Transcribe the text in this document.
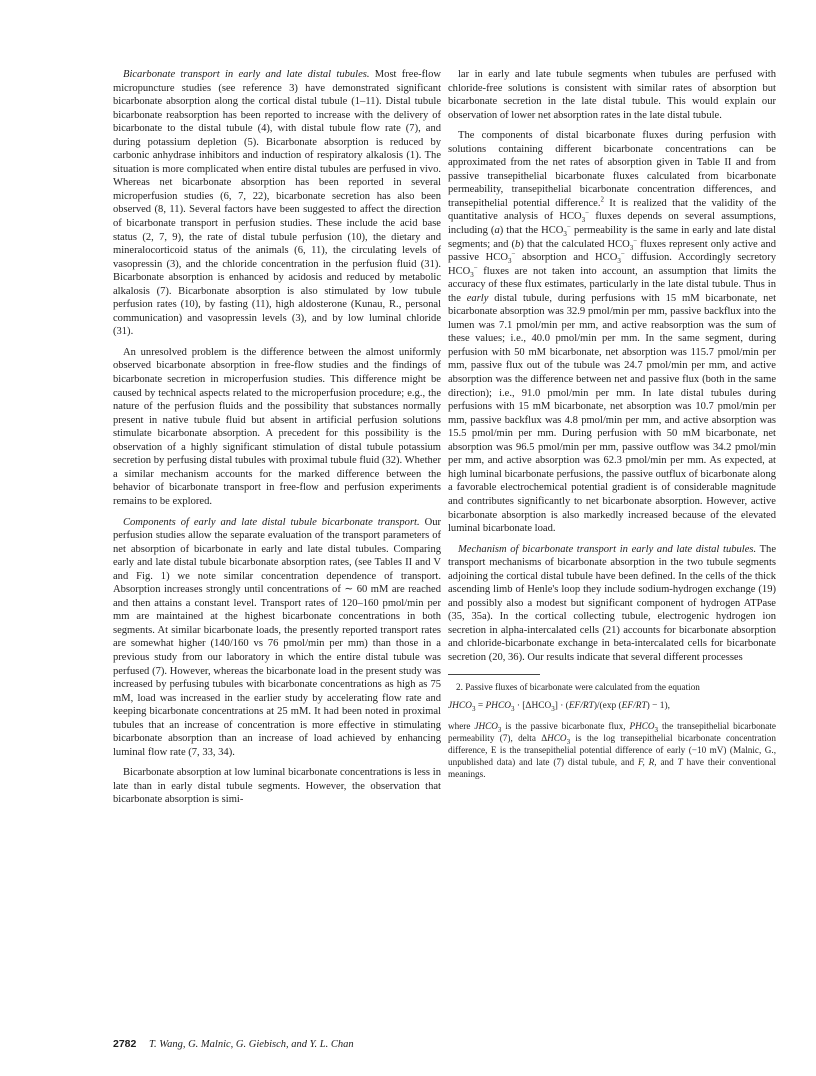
Bicarbonate transport in early and late distal tubules. Most free-flow micropuncture studies (see reference 3) have demonstrated significant bicarbonate absorption along the cortical distal tubule (1–11). Distal tubule bicarbonate reabsorption has been reported to increase with the delivery of bicarbonate to the distal tubule (4), with distal tubule flow rate (7), and during potassium depletion (5). Bicarbonate absorption is reduced by carbonic anhydrase inhibitors and induction of respiratory alkalosis (1). The situation is more complicated when entire distal tubules are perfused in vivo. Whereas net bicarbonate absorption has been reported in several microperfusion studies (6, 7, 22), bicarbonate secretion has also been observed (8, 11). Several factors have been suggested to affect the direction of bicarbonate transport in perfusion studies. These include the acid base status (2, 7, 9), the rate of distal tubule perfusion (10), the dietary and mineralocorticoid status of the animals (6, 11), the circulating levels of vasopressin (3), and the chloride concentration in the perfusion fluid (31). Bicarbonate absorption is enhanced by acidosis and reduced by metabolic alkalosis (7). Bicarbonate absorption is also stimulated by low tubule perfusion rates (10), by fasting (11), high aldosterone (Kunau, R., personal communication) and vasopressin levels (3), and by low luminal chloride (31).

An unresolved problem is the difference between the almost uniformly observed bicarbonate absorption in free-flow studies and the findings of bicarbonate secretion in microperfusion studies. This difference might be caused by technical aspects related to the microperfusion procedure; e.g., the nature of the perfusion fluids and the possibility that substances normally present in native tubule fluid but absent in artificial perfusion solutions stimulate bicarbonate absorption. A precedent for this possibility is the observation of a highly significant stimulation of distal tubule potassium secretion by perfusing distal tubules with proximal tubule fluid (32). Whether a similar mechanism accounts for the marked difference between the behavior of bicarbonate transport in free-flow and perfusion experiments remains to be explored.

Components of early and late distal tubule bicarbonate transport. Our perfusion studies allow the separate evaluation of the transport parameters of net absorption of bicarbonate in early and late distal tubules. Comparing early and late distal tubule bicarbonate absorption rates, (see Tables II and V and Fig. 1) we note similar concentration dependence of transport. Absorption increases strongly until concentrations of ∼ 60 mM are reached and then attains a constant level. Transport rates of 120–160 pmol/min per mm are maintained at the highest bicarbonate concentrations in both segments. At similar bicarbonate loads, the presently reported transport rates are somewhat higher (140/160 vs 76 pmol/min per mm) than those in a previous study from our laboratory in which the entire distal tubule was perfused (7). However, whereas the bicarbonate load in the present study was increased by perfusing tubules with bicarbonate concentrations as high as 75 mM, load was increased in the earlier study by accelerating flow rate and keeping bicarbonate concentrations at 25 mM. It had been noted in proximal tubules that an increase of concentration is more effective in stimulating bicarbonate absorption than an increase of load achieved by enhancing luminal flow rate (7, 33, 34).

Bicarbonate absorption at low luminal bicarbonate concentrations is less in late than in early distal tubule segments. However, the observation that bicarbonate absorption is simi-

lar in early and late tubule segments when tubules are perfused with chloride-free solutions is consistent with similar rates of absorption but bicarbonate secretion in the late distal tubule. This would explain our observation of lower net absorption rates in the late distal tubule.

The components of distal bicarbonate fluxes during perfusion with solutions containing different bicarbonate concentrations can be approximated from the net rates of absorption given in Table II and from passive transepithelial bicarbonate fluxes calculated from bicarbonate permeability, transepithelial bicarbonate concentration differences, and transepithelial potential difference.$^2$ It is realized that the validity of the quantitative analysis of $HCO_3^-$ fluxes depends on several assumptions, including (a) that the $HCO_3^-$ permeability is the same in early and late distal segments; and (b) that the calculated $HCO_3^-$ fluxes represent only active and passive $HCO_3^-$ absorption and $HCO_3^-$ diffusion. Accordingly secretory $HCO_3^-$ fluxes are not taken into account, an assumption that limits the accuracy of these flux estimates, particularly in the late distal tubule. Thus in the early distal tubule, during perfusions with 15 mM bicarbonate, net bicarbonate absorption was 32.9 pmol/min per mm, passive backflux into the lumen was 7.1 pmol/min per mm, and active reabsorption was the sum of these values; i.e., 40.0 pmol/min per mm. In the same segment, during perfusion with 50 mM bicarbonate, net absorption was 115.7 pmol/min per mm, passive flux out of the tubule was 24.7 pmol/min per mm, and active absorption was the difference between net and passive flux (both in the same direction); i.e., 91.0 pmol/min per mm. In late distal tubules during perfusions with 15 mM bicarbonate, net absorption was 10.7 pmol/min per mm, passive backflux was 4.8 pmol/min per mm, and active absorption was 15.5 pmol/min per mm. During perfusion with 50 mM bicarbonate, net absorption was 96.5 pmol/min per mm, passive outflow was 34.2 pmol/min per mm, and active absorption was 62.3 pmol/min per mm. As expected, at high luminal bicarbonate perfusions, the passive outflux of bicarbonate along a favorable electrochemical potential gradient is of considerable magnitude and contributes significantly to net bicarbonate absorption. However, active bicarbonate absorption is also markedly increased because of the elevated luminal bicarbonate load.

Mechanism of bicarbonate transport in early and late distal tubules. The transport mechanisms of bicarbonate absorption in the two tubule segments adjoining the cortical distal tubule have been defined. In the cells of the thick ascending limb of Henle's loop they include sodium-hydrogen exchange (19) and possibly also a modest but significant component of hydrogen ATPase (35, 35a). In the cortical collecting tubule, electrogenic hydrogen ion secretion in alpha-intercalated cells (21) accounts for bicarbonate absorption and chloride-bicarbonate exchange in beta-intercalated cells for bicarbonate secretion (20, 36). Our results indicate that several different processes

2. Passive fluxes of bicarbonate were calculated from the equation
$JHCO_3$ = $PHCO_3 \cdot [\Delta HCO_3] \cdot (EF/RT)/(\exp$ (EF/RT) − 1),
where $JHCO_3$ is the passive bicarbonate flux, $PHCO_3$ the transepithelial bicarbonate permeability (7), delta $\Delta HCO_3$ is the log transepithelial bicarbonate concentration difference, E is the transepithelial potential difference of early (−10 mV) (Malnic, G., unpublished data) and late (7) distal tubule, and F, R, and T have their conventional meanings.
2782 T. Wang, G. Malnic, G. Giebisch, and Y. L. Chan
